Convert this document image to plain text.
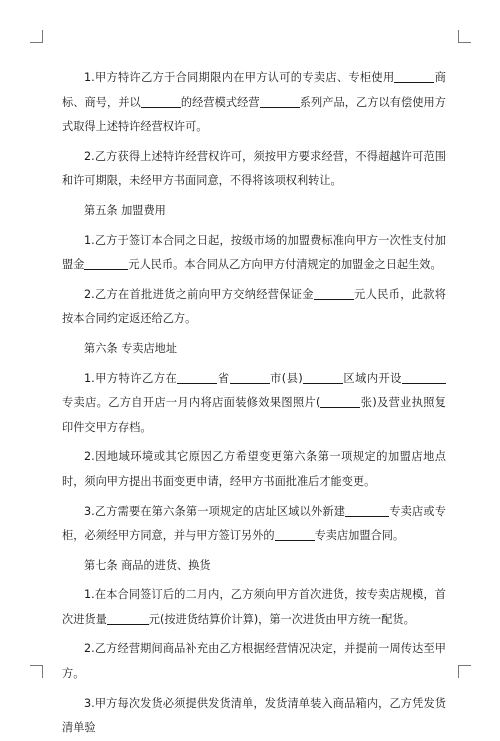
1.甲方特许乙方于合同期限内在甲方认可的专卖店、专柜使用	商标、商号，并以	的经营模式经营	系列产品，乙方以有偿使用方式取得上述特许经营权许可。

2.乙方获得上述特许经营权许可，须按甲方要求经营，不得超越许可范围和许可期限，未经甲方书面同意，不得将该项权利转让。

第五条 加盟费用

1.乙方于签订本合同之日起，按级市场的加盟费标准向甲方一次性支付加盟金	元人民币。本合同从乙方向甲方付清规定的加盟金之日起生效。

2.乙方在首批进货之前向甲方交纳经营保证金	元人民币，此款将按本合同约定返还给乙方。

第六条 专卖店地址

1.甲方特许乙方在	省	市(县)	区域内开设专卖店。乙方自开店一月内将店面装修效果图照片(	张)及营业执照复印件交甲方存档。

2.因地域环境或其它原因乙方希望变更第六条第一项规定的加盟店地点时，须向甲方提出书面变更申请，经甲方书面批准后才能变更。

3.乙方需要在第六条第一项规定的店址区域以外新建	专卖店或专柜，必须经甲方同意，并与甲方签订另外的	专卖店加盟合同。

第七条 商品的进货、换货

1.在本合同签订后的二月内，乙方须向甲方首次进货，按专卖店规模，首次进货量	元(按进货结算价计算)，第一次进货由甲方统一配货。

2.乙方经营期间商品补充由乙方根据经营情况决定，并提前一周传达至甲方。

3.甲方每次发货必须提供发货清单，发货清单装入商品箱内，乙方凭发货清单验
